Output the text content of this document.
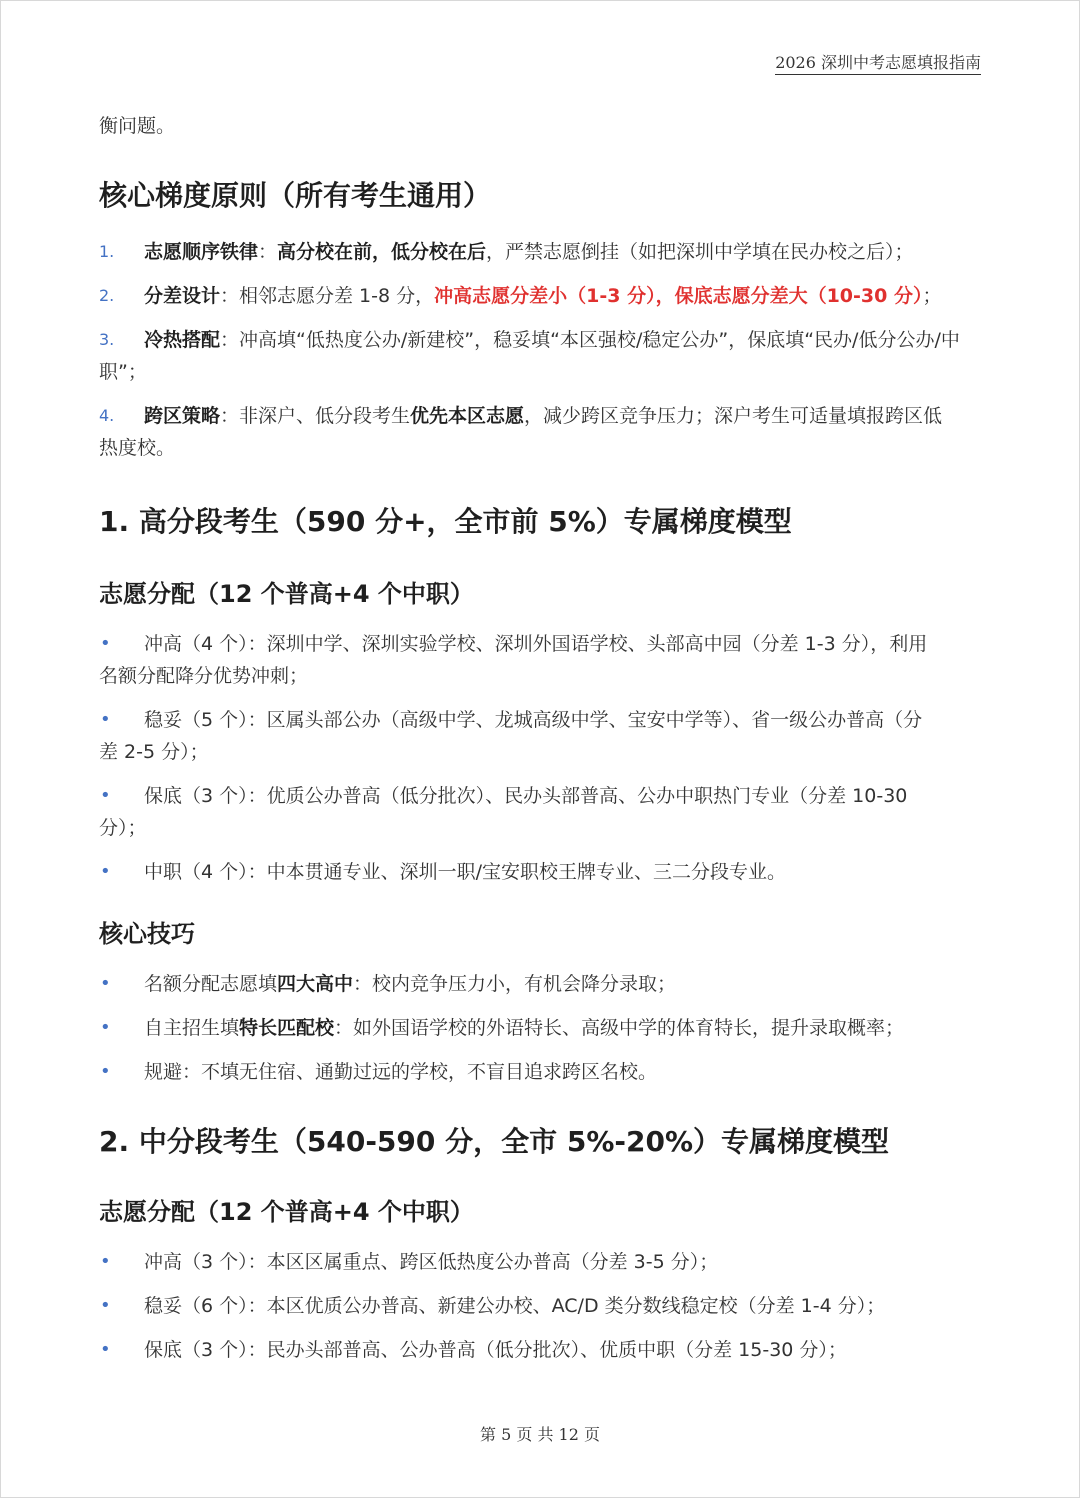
2026 深圳中考志愿填报指南
衡问题。
核心梯度原则（所有考生通用）
1. 志愿顺序铁律：高分校在前，低分校在后，严禁志愿倒挂（如把深圳中学填在民办校之后）；
2. 分差设计：相邻志愿分差 1-8 分，冲高志愿分差小（1-3 分），保底志愿分差大（10-30 分）；
3. 冷热搭配：冲高填“低热度公办/新建校”，稳妥填“本区强校/稳定公办”，保底填“民办/低分公办/中
职”；
4. 跨区策略：非深户、低分段考生优先本区志愿，减少跨区竞争压力；深户考生可适量填报跨区低
热度校。
1. 高分段考生（590 分+，全市前 5%）专属梯度模型
志愿分配（12 个普高+4 个中职）
• 冲高（4 个）：深圳中学、深圳实验学校、深圳外国语学校、头部高中园（分差 1-3 分），利用
名额分配降分优势冲刺；
• 稳妥（5 个）：区属头部公办（高级中学、龙城高级中学、宝安中学等）、省一级公办普高（分
差 2-5 分）；
• 保底（3 个）：优质公办普高（低分批次）、民办头部普高、公办中职热门专业（分差 10-30
分）；
• 中职（4 个）：中本贯通专业、深圳一职/宝安职校王牌专业、三二分段专业。
核心技巧
• 名额分配志愿填四大高中：校内竞争压力小，有机会降分录取；
• 自主招生填特长匹配校：如外国语学校的外语特长、高级中学的体育特长，提升录取概率；
• 规避：不填无住宿、通勤过远的学校，不盲目追求跨区名校。
2. 中分段考生（540-590 分，全市 5%-20%）专属梯度模型
志愿分配（12 个普高+4 个中职）
• 冲高（3 个）：本区区属重点、跨区低热度公办普高（分差 3-5 分）；
• 稳妥（6 个）：本区优质公办普高、新建公办校、AC/D 类分数线稳定校（分差 1-4 分）；
• 保底（3 个）：民办头部普高、公办普高（低分批次）、优质中职（分差 15-30 分）；
第 5 页 共 12 页
